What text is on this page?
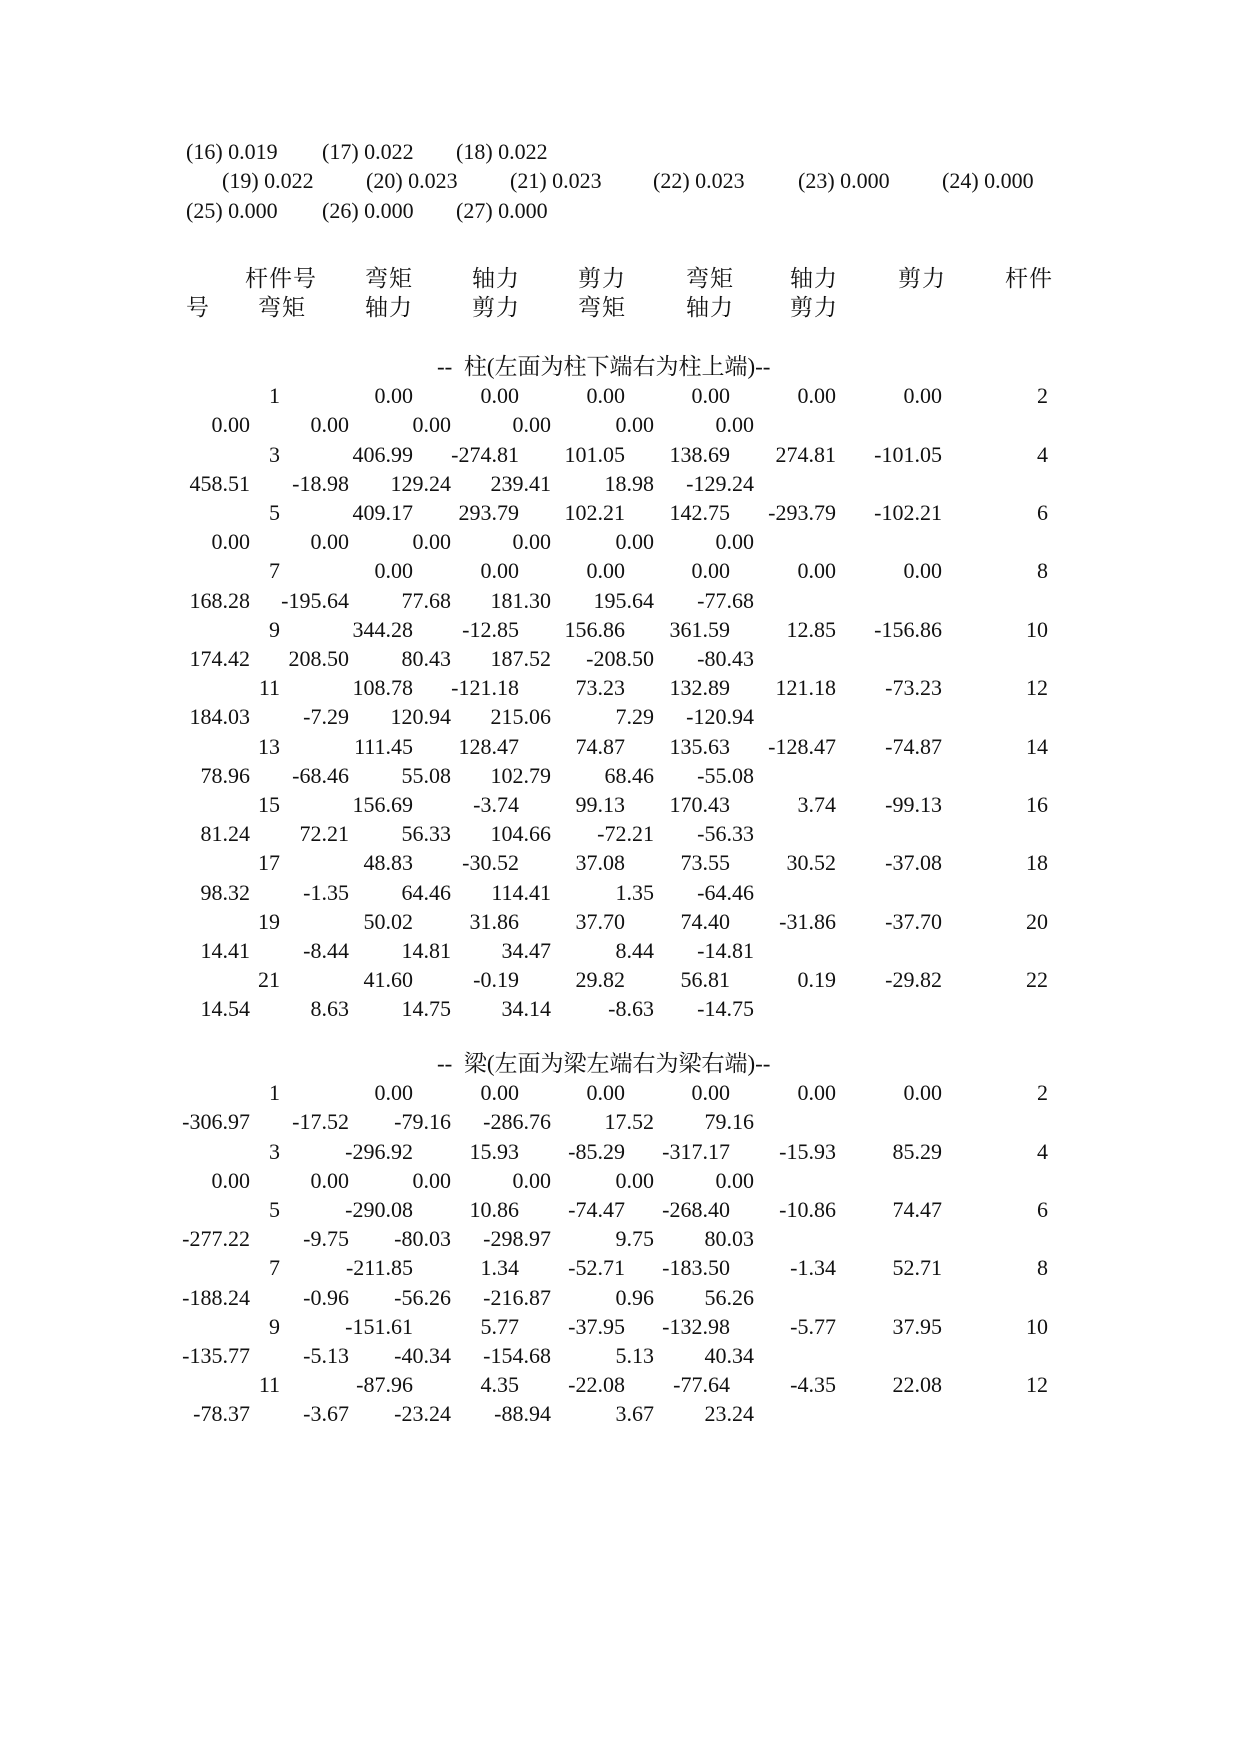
(16) 0.019 (17) 0.022 (18) 0.022
(19) 0.022 (20) 0.023 (21) 0.023 (22) 0.023 (23) 0.000 (24) 0.000
(25) 0.000 (26) 0.000 (27) 0.000
杆件号 弯矩	轴力	剪力	弯矩 轴力	剪力	杆件
号 弯矩	轴力	剪力	弯矩	轴力 剪力
--  柱(左面为柱下端右为柱上端)--
1	0.00	0.00	0.00	0.00	0.00	0.00	2
0.00	0.00	0.00	0.00	0.00	0.00
3	406.99	-274.81	101.05	138.69	274.81	-101.05	4
458.51	-18.98	129.24	239.41	18.98	-129.24
5	409.17	293.79	102.21	142.75	-293.79	-102.21	6
0.00	0.00	0.00	0.00	0.00	0.00
7	0.00	0.00	0.00	0.00	0.00	0.00	8
168.28	-195.64	77.68	181.30	195.64	-77.68
9	344.28	-12.85	156.86	361.59	12.85	-156.86	10
174.42	208.50	80.43	187.52	-208.50	-80.43
11	108.78	-121.18	73.23	132.89	121.18	-73.23	12
184.03	-7.29	120.94	215.06	7.29	-120.94
13	111.45	128.47	74.87	135.63	-128.47	-74.87	14
78.96	-68.46	55.08	102.79	68.46	-55.08
15	156.69	-3.74	99.13	170.43	3.74	-99.13	16
81.24	72.21	56.33	104.66	-72.21	-56.33
17	48.83	-30.52	37.08	73.55	30.52	-37.08	18
98.32	-1.35	64.46	114.41	1.35	-64.46
19	50.02	31.86	37.70	74.40	-31.86	-37.70	20
14.41	-8.44	14.81	34.47	8.44	-14.81
21	41.60	-0.19	29.82	56.81	0.19	-29.82	22
14.54	8.63	14.75	34.14	-8.63	-14.75
--  梁(左面为梁左端右为梁右端)--
1	0.00	0.00	0.00	0.00	0.00	0.00	2
-306.97	-17.52	-79.16	-286.76	17.52	79.16
3	-296.92	15.93	-85.29	-317.17	-15.93	85.29	4
0.00	0.00	0.00	0.00	0.00	0.00
5	-290.08	10.86	-74.47	-268.40	-10.86	74.47	6
-277.22	-9.75	-80.03	-298.97	9.75	80.03
7	-211.85	1.34	-52.71	-183.50	-1.34	52.71	8
-188.24	-0.96	-56.26	-216.87	0.96	56.26
9	-151.61	5.77	-37.95	-132.98	-5.77	37.95	10
-135.77	-5.13	-40.34	-154.68	5.13	40.34
11	-87.96	4.35	-22.08	-77.64	-4.35	22.08	12
-78.37	-3.67	-23.24	-88.94	3.67	23.24
